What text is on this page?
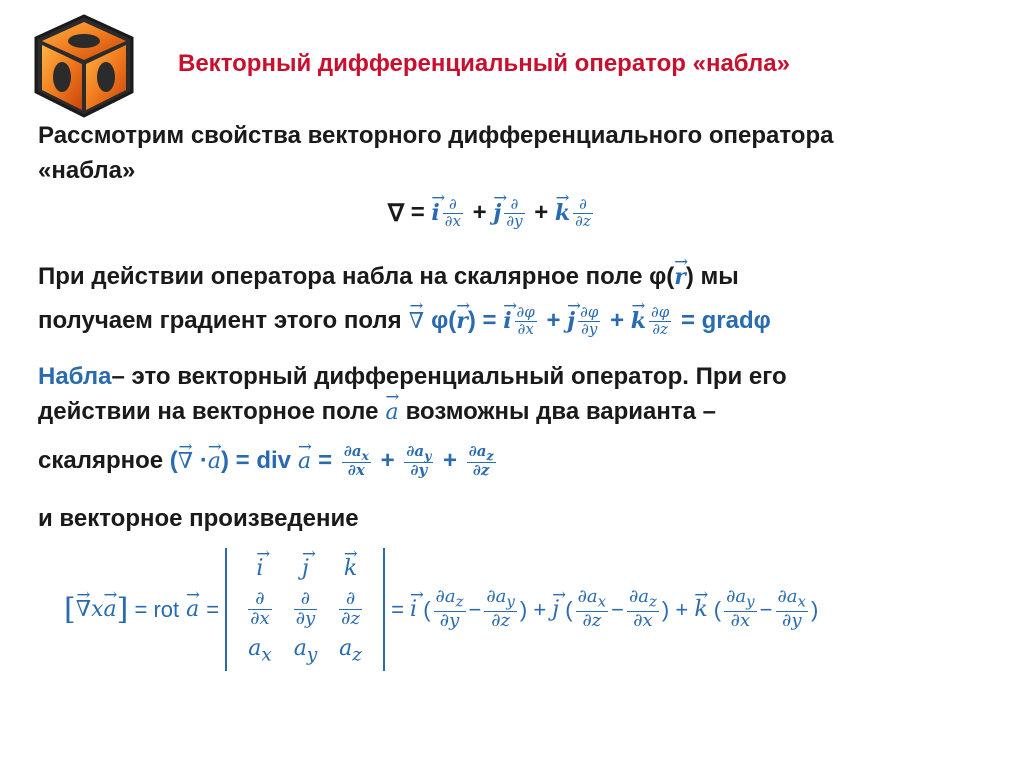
Векторный дифференциальный оператор «набла»
Рассмотрим свойства векторного дифференциального оператора
«набла»
∇ = → i $\frac{\partial}{\partial x}$ + → j $\frac{\partial}{\partial y}$ + → k $\frac{\partial}{\partial z}$
При действии оператора набла на скалярное поле φ( → r ) мы
получаем градиент этого поля → ∇ φ( → r ) = → i $\frac{\partial\varphi}{\partial x}$ + → j $\frac{\partial\varphi}{\partial y}$ + → k $\frac{\partial\varphi}{\partial z}$
= gradφ
Набла – это векторный дифференциальный оператор. При его
действии на векторное поле → a возможны два варианта –
скалярное ( → ∇ · → a ) = div → $a = \frac{\partial a_x}{\partial x} + \frac{\partial a_y}{\partial y} + \frac{\partial a_z}{\partial z}$
и векторное произведение
[ → ∇x→ a ]
= rot → a =
→ i	→ j	→ k

$\frac{\partial}{\partial x}$	$\frac{\partial}{\partial y}$	$\frac{\partial}{\partial z}$

$a_x$	$a_y$	$a_z$
= → i ( $\frac{\partial a_z}{\partial y} - \frac{\partial a_y}{\partial z}$ ) + → j ( $\frac{\partial a_x}{\partial z} - \frac{\partial a_z}{\partial x}$ ) + → k ( $\frac{\partial a_y}{\partial x} - \frac{\partial a_x}{\partial y}$ )
